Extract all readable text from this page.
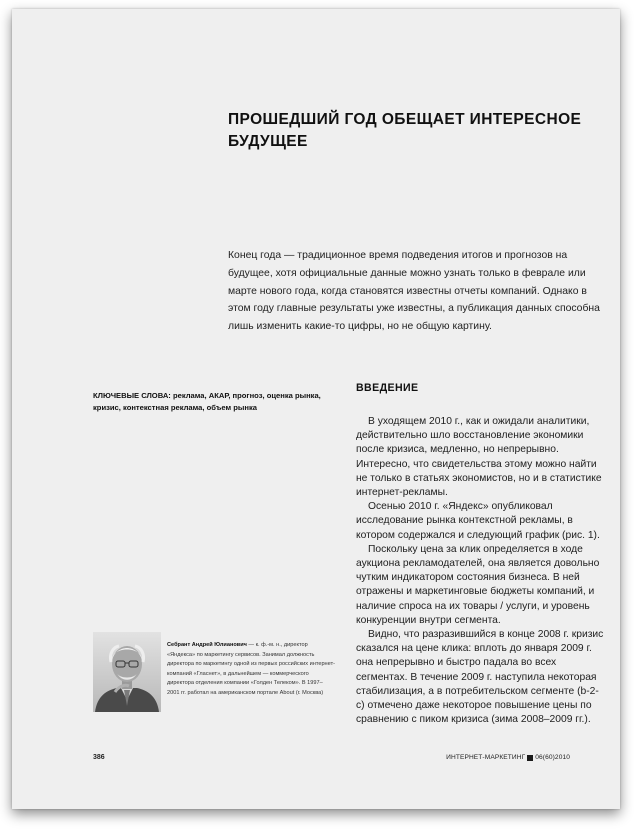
ПРОШЕДШИЙ ГОД ОБЕЩАЕТ ИНТЕРЕСНОЕ БУДУЩЕЕ

Конец года — традиционное время подведения итогов и прогнозов на будущее, хотя официальные данные можно узнать только в феврале или марте нового года, когда становятся известны отчеты компаний. Однако в этом году главные результаты уже известны, а публикация данных способна лишь изменить какие-то цифры, но не общую картину.

КЛЮЧЕВЫЕ СЛОВА: реклама, АКАР, прогноз, оценка рынка, кризис, контекстная реклама, объем рынка

ВВЕДЕНИЕ

В уходящем 2010 г., как и ожидали аналитики, действительно шло восстановление экономики после кризиса, медленно, но непрерывно. Интересно, что свидетельства этому можно найти не только в статьях экономистов, но и в статистике интернет-рекламы.

Осенью 2010 г. «Яндекс» опубликовал исследование рынка контекстной рекламы, в котором содержался и следующий график (рис. 1).

Поскольку цена за клик определяется в ходе аукциона рекламодателей, она является довольно чутким индикатором состояния бизнеса. В ней отражены и маркетинговые бюджеты компаний, и наличие спроса на их товары / услуги, и уровень конкуренции внутри сегмента.

Видно, что разразившийся в конце 2008 г. кризис сказался на цене клика: вплоть до января 2009 г. она непрерывно и быстро падала во всех сегментах. В течение 2009 г. наступила некоторая стабилизация, а в потребительском сегменте (b-2-c) отмечено даже некоторое повышение цены по сравнению с пиком кризиса (зима 2008–2009 гг.).

Себрант Андрей Юлианович — к. ф.-м. н., директор «Яндекса» по маркетингу сервисов. Занимал должность директора по маркетингу одной из первых российских интернет-компаний «Гласнет», в дальнейшем — коммерческого директора отделения компании «Голден Телеком». В 1997–2001 гг. работал на американском портале About (г. Москва)

386	ИНТЕРНЕТ-МАРКЕТИНГ 06(60)2010
